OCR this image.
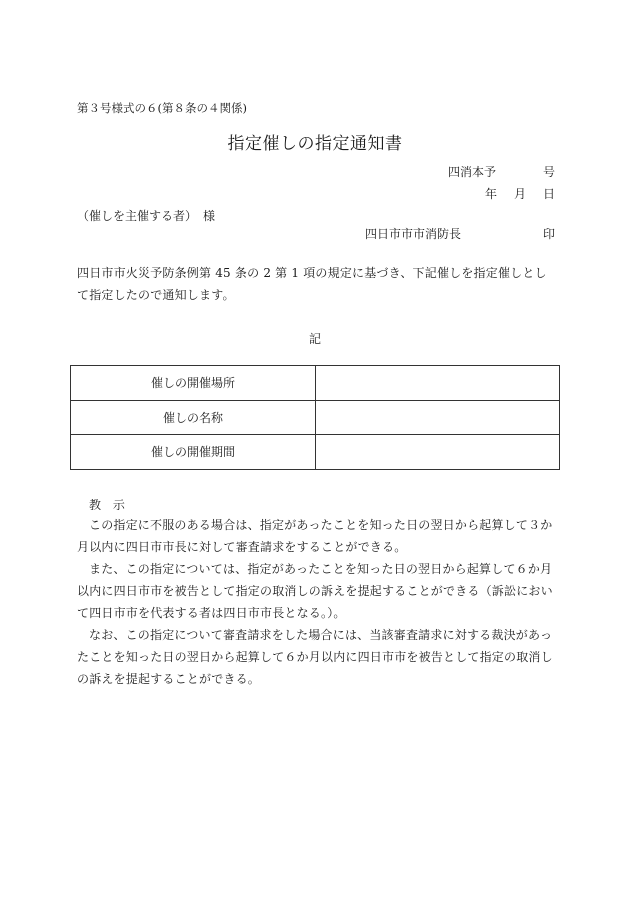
第３号様式の６(第８条の４関係)
指定催しの指定通知書
四消本予	号
年 月 日
（催しを主催する者）　様
四日市市市消防長	印
四日市市火災予防条例第 45 条の 2 第 1 項の規定に基づき、下記催しを指定催しとして指定したので通知します。
記
催しの開催場所	
催しの名称	
催しの開催期間	
教 示
この指定に不服のある場合は、指定があったことを知った日の翌日から起算して３か月以内に四日市市長に対して審査請求をすることができる。
また、この指定については、指定があったことを知った日の翌日から起算して６か月以内に四日市市を被告として指定の取消しの訴えを提起することができる（訴訟において四日市市を代表する者は四日市市長となる。）。
なお、この指定について審査請求をした場合には、当該審査請求に対する裁決があったことを知った日の翌日から起算して６か月以内に四日市市を被告として指定の取消しの訴えを提起することができる。
